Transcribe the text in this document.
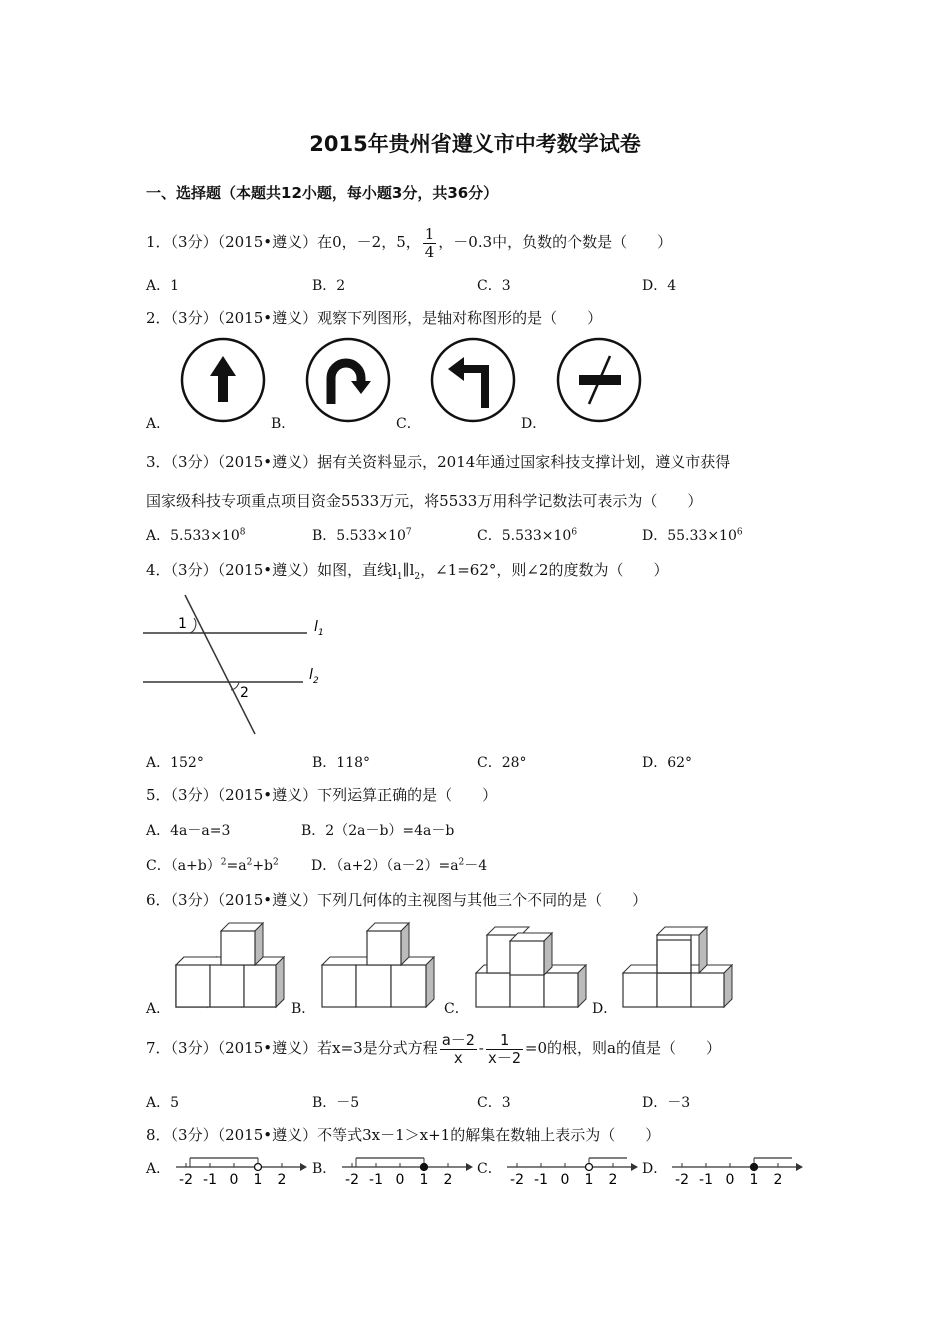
2015年贵州省遵义市中考数学试卷
一、选择题（本题共12小题，每小题3分，共36分）
1．（3分）（2015•遵义）在0，－2，5， $\frac{1}{4}$ ，－0.3中，负数的个数是（　　）
A．1	B．2	C．3	D．4
2．（3分）（2015•遵义）观察下列图形，是轴对称图形的是（　　）
A．	B．	C．	D．
3．（3分）（2015•遵义）据有关资料显示，2014年通过国家科技支撑计划，遵义市获得
国家级科技专项重点项目资金5533万元，将5533万用科学记数法可表示为（　　）
A．$5.533\times 10^8$	B．$5.533\times 10^7$	C．$5.533\times 10^6$	D．$55.33\times 10^6$
4．（3分）（2015•遵义）如图，直线$l_1\parallel l_2$，∠1=62°，则∠2的度数为（　　）
1
2
l 1
l 2
A．152°	B．118°	C．28°	D．62°
5．（3分）（2015•遵义）下列运算正确的是（　　）
A．4a－a=3	B．2（2a－b）=4a－b
C．$(a+b)^2=a^2+b^2$ D．$(a+2)(a-2)=a^2-4$
6．（3分）（2015•遵义）下列几何体的主视图与其他三个不同的是（　　）
A．	B．	C．	D．
7．（3分）（2015•遵义）若x=3是分式方程 $\frac{a-2}{x} - \frac{1}{x-2} =0$的根，则a的值是（　　）
A．5	B．－5	C．3	D．－3
8．（3分）（2015•遵义）不等式3x－1＞x+1的解集在数轴上表示为（　　）
A．	B．	C．	D．
-2 -1 0 1 2	-2 -1 0 1 2	-2 -1 0 1 2	-2 -1 0 1 2
